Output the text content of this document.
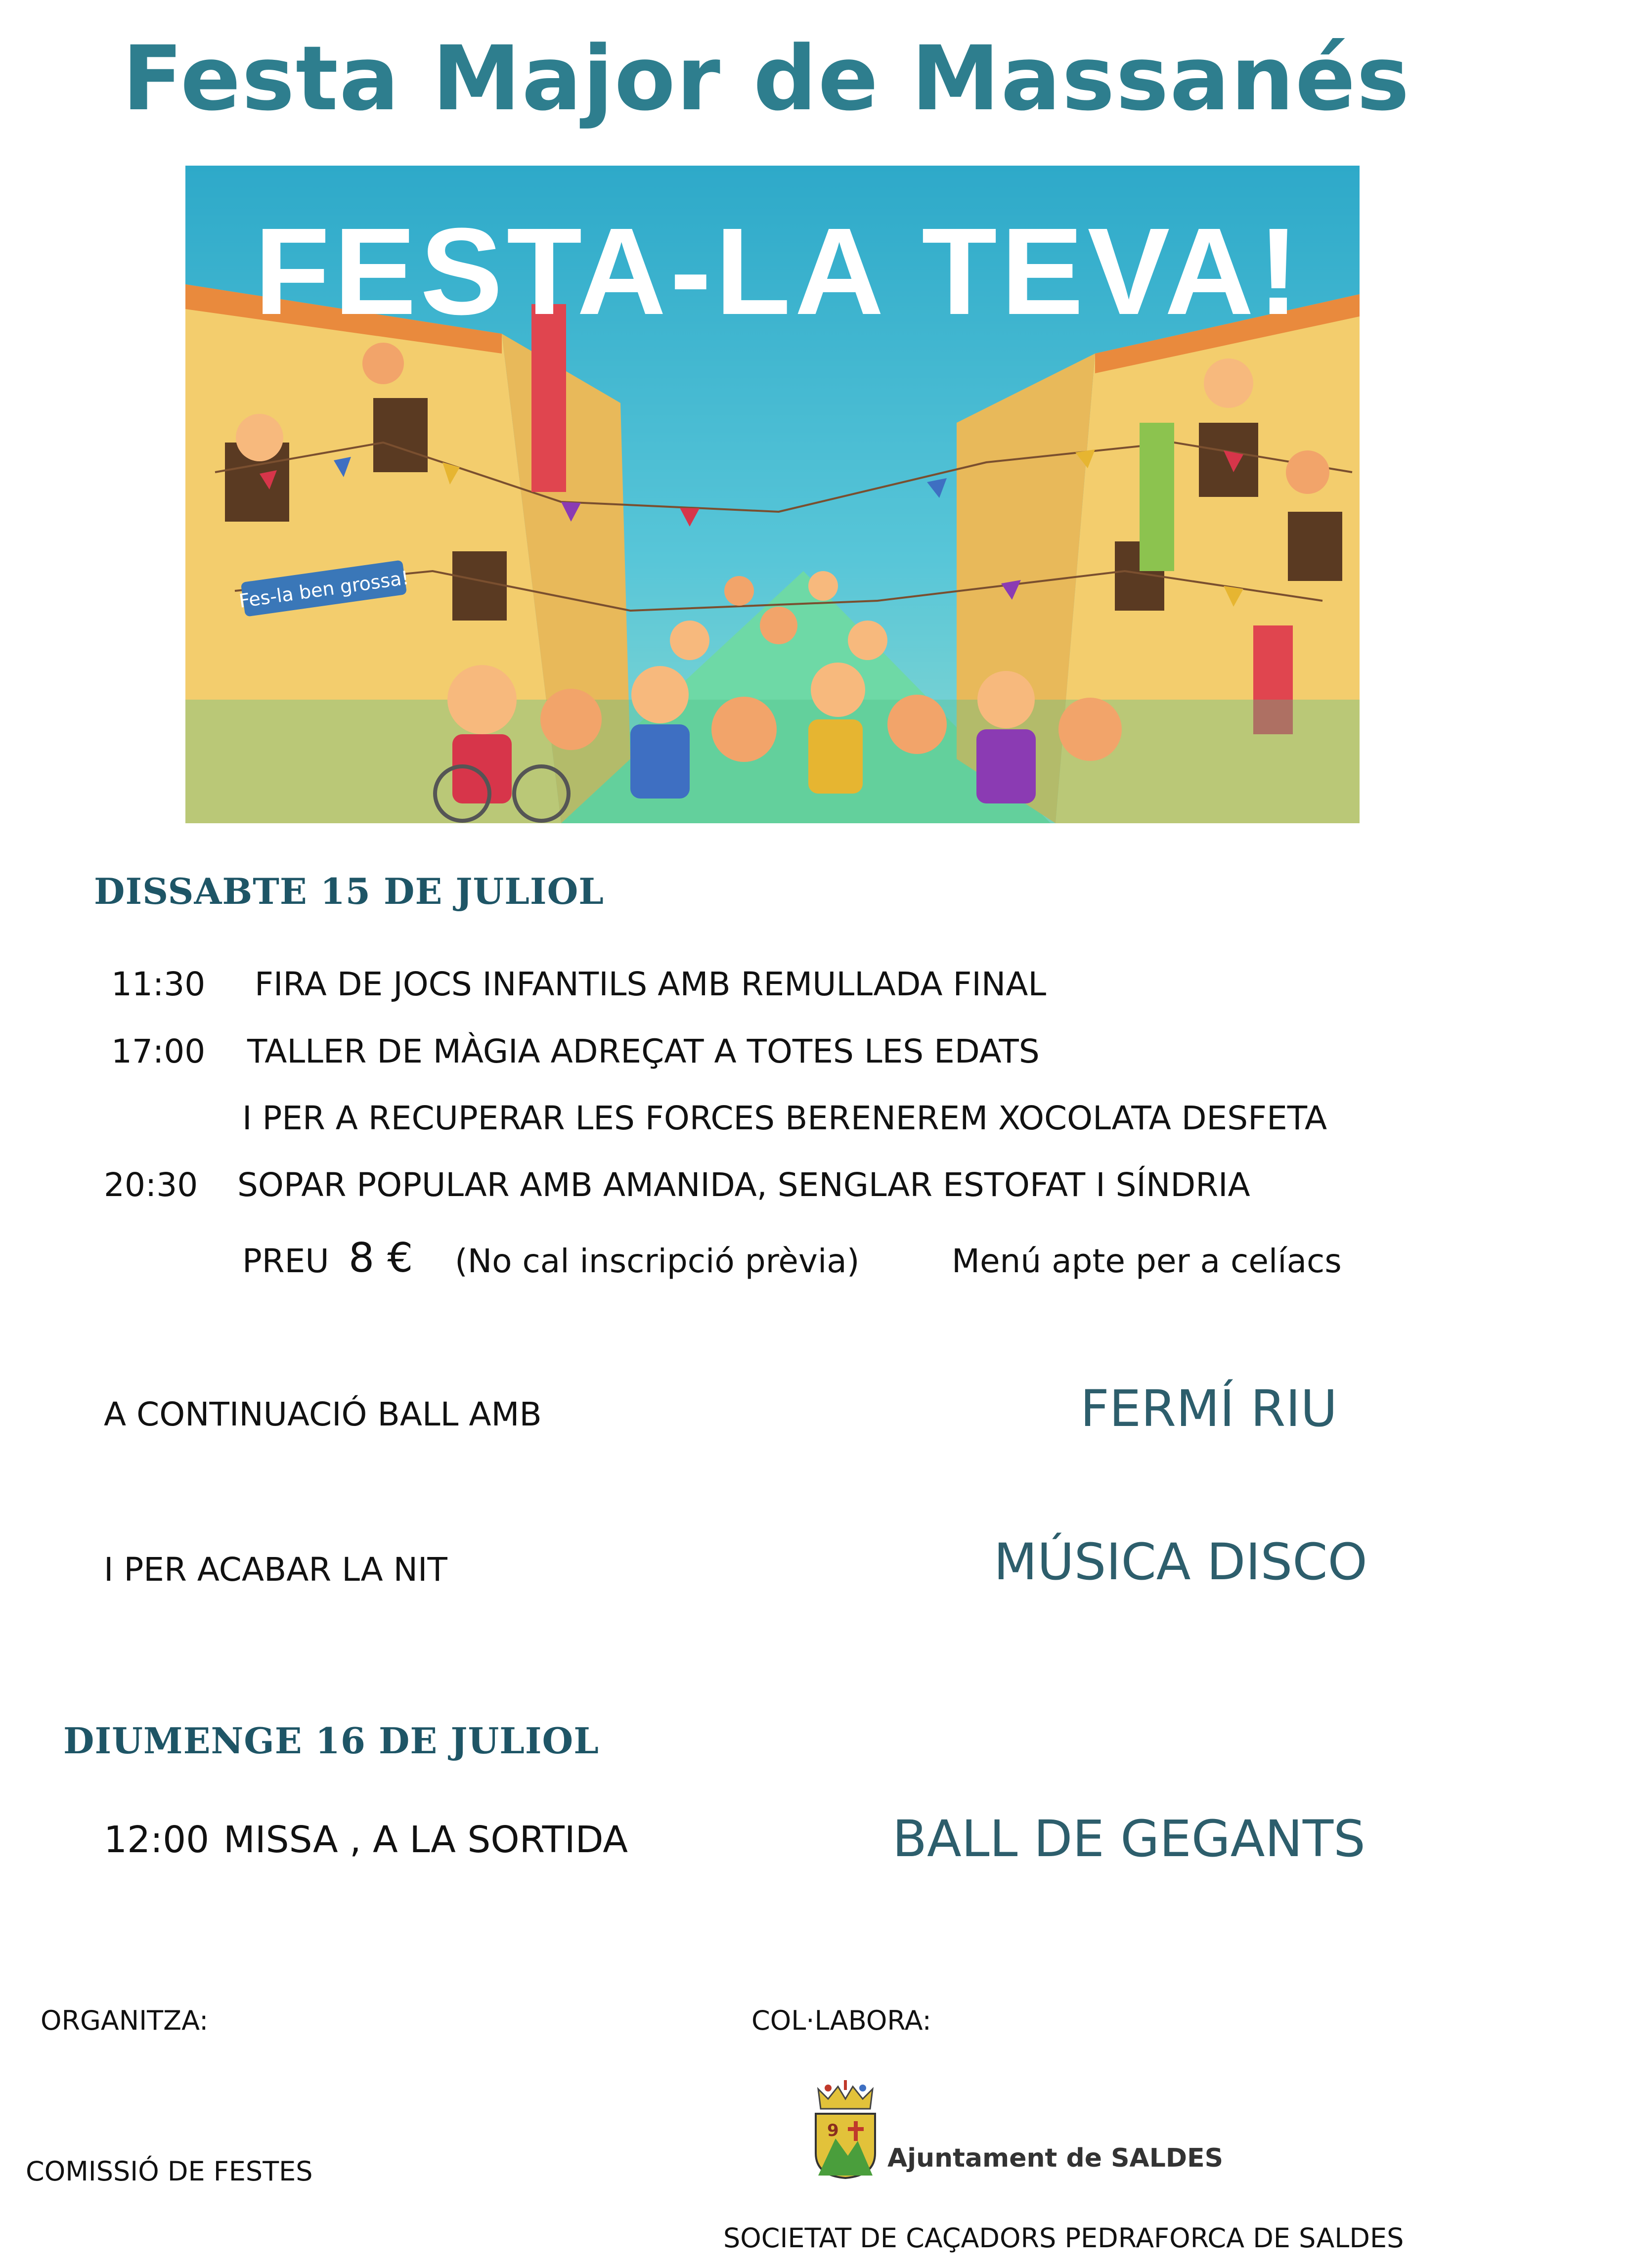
Festa Major de Massanés
FESTA-LA TEVA!
Fes-la ben grossa!
DISSABTE 15 DE JULIOL
11:30 FIRA DE JOCS INFANTILS AMB REMULLADA FINAL
17:00 TALLER DE MÀGIA ADREÇAT A TOTES LES EDATS
I PER A RECUPERAR LES FORCES BERENEREM XOCOLATA DESFETA
20:30 SOPAR POPULAR AMB AMANIDA, SENGLAR ESTOFAT I SÍNDRIA
PREU 8 € (No cal inscripció prèvia)	Menú apte per a celíacs
A CONTINUACIÓ BALL AMB	FERMÍ RIU
I PER ACABAR LA NIT	MÚSICA DISCO
DIUMENGE 16 DE JULIOL
12:00 MISSA , A LA SORTIDA	BALL DE GEGANTS
ORGANITZA:
COMISSIÓ DE FESTES
COL·LABORA:
9
Ajuntament de SALDES
SOCIETAT DE CAÇADORS PEDRAFORCA DE SALDES
